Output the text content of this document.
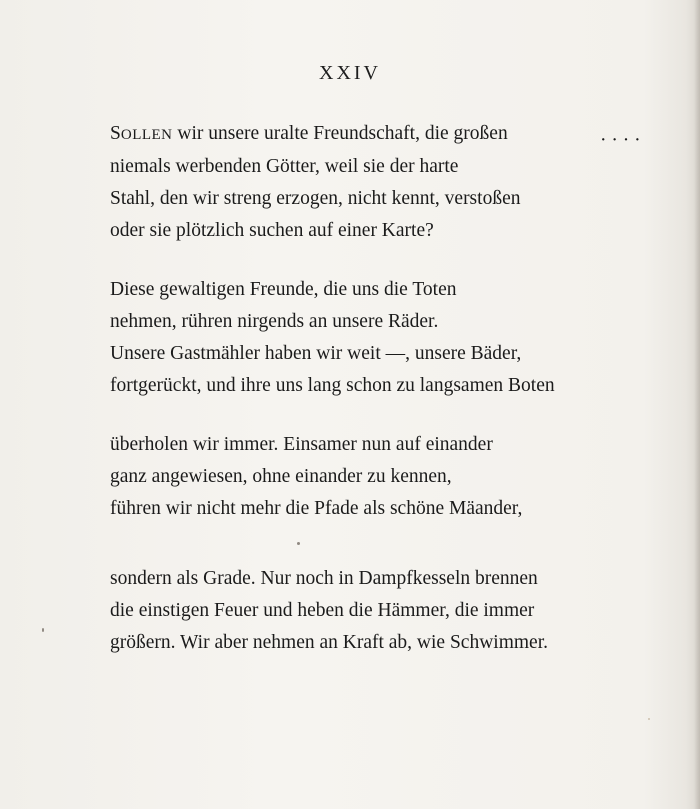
· · · ·
XXIV
SOLLEN wir unsere uralte Freundschaft, die großen
niemals werbenden Götter, weil sie der harte
Stahl, den wir streng erzogen, nicht kennt, verstoßen
oder sie plötzlich suchen auf einer Karte?
Diese gewaltigen Freunde, die uns die Toten
nehmen, rühren nirgends an unsere Räder.
Unsere Gastmähler haben wir weit —, unsere Bäder,
fortgerückt, und ihre uns lang schon zu langsamen Boten
überholen wir immer. Einsamer nun auf einander
ganz angewiesen, ohne einander zu kennen,
führen wir nicht mehr die Pfade als schöne Mäander,
sondern als Grade. Nur noch in Dampfkesseln brennen
die einstigen Feuer und heben die Hämmer, die immer
größern. Wir aber nehmen an Kraft ab, wie Schwimmer.
